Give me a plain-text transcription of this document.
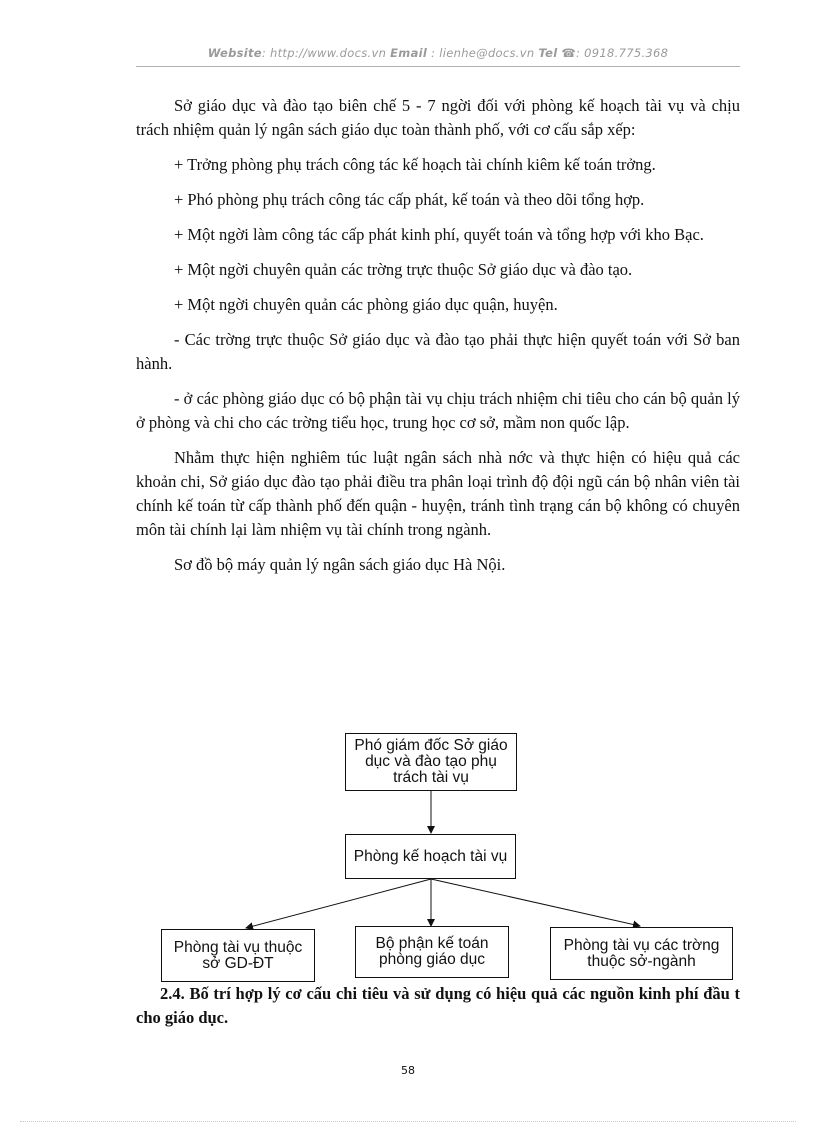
Website: http://www.docs.vn Email : lienhe@docs.vn Tel ☎: 0918.775.368

Sở giáo dục và đào tạo biên chế 5 - 7 ngời đối với phòng kế hoạch tài vụ và chịu trách nhiệm quản lý ngân sách giáo dục toàn thành phố, với cơ cấu sắp xếp:

+ Trởng phòng phụ trách công tác kế hoạch tài chính kiêm kế toán trởng.

+ Phó phòng phụ trách công tác cấp phát, kế toán và theo dõi tổng hợp.

+ Một ngời làm công tác cấp phát kinh phí, quyết toán và tổng hợp với kho Bạc.

+ Một ngời chuyên quản các trờng trực thuộc Sở giáo dục và đào tạo.

+ Một ngời chuyên quản các phòng giáo dục quận, huyện.

- Các trờng trực thuộc Sở giáo dục và đào tạo phải thực hiện quyết toán với Sở ban hành.

- ở các phòng giáo dục có bộ phận tài vụ chịu trách nhiệm chi tiêu cho cán bộ quản lý ở phòng và chi cho các trờng tiểu học, trung học cơ sở, mầm non quốc lập.

Nhằm thực hiện nghiêm túc luật ngân sách nhà nớc và thực hiện có hiệu quả các khoản chi, Sở giáo dục đào tạo phải điều tra phân loại trình độ đội ngũ cán bộ nhân viên tài chính kế toán từ cấp thành phố đến quận - huyện, tránh tình trạng cán bộ không có chuyên môn tài chính lại làm nhiệm vụ tài chính trong ngành.

Sơ đồ bộ máy quản lý ngân sách giáo dục Hà Nội.

Phó giám đốc Sở giáo dục và đào tạo phụ trách tài vụ
Phòng kế hoạch tài vụ
Phòng tài vụ thuộc sở GD-ĐT
Bộ phận kế toán phòng giáo dục
Phòng tài vụ các trờng thuộc sở-ngành
2.4. Bố trí hợp lý cơ cấu chi tiêu và sử dụng có hiệu quả các nguồn kinh phí đầu t cho giáo dục.
58
